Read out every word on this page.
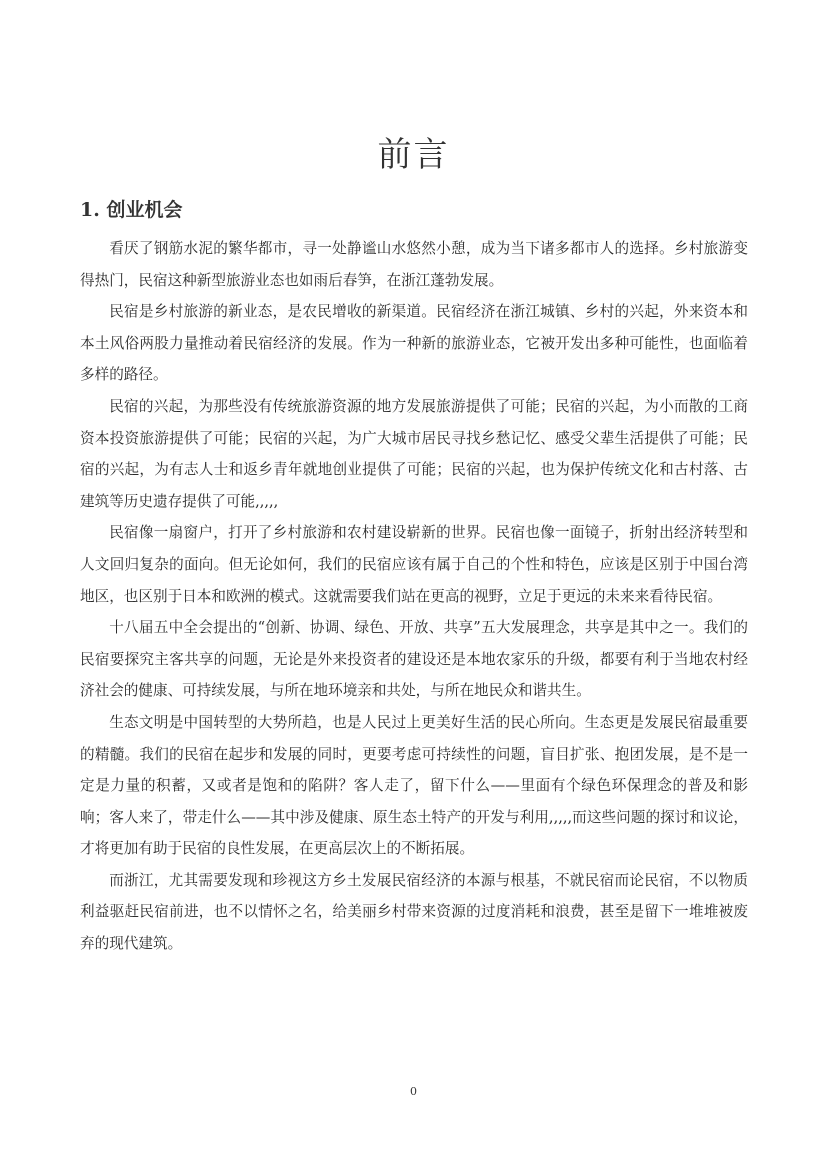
前言
1. 创业机会

看厌了钢筋水泥的繁华都市，寻一处静谧山水悠然小憩，成为当下诸多都市人的选择。乡村旅游变得热门，民宿这种新型旅游业态也如雨后春笋，在浙江蓬勃发展。

民宿是乡村旅游的新业态，是农民增收的新渠道。民宿经济在浙江城镇、乡村的兴起，外来资本和本土风俗两股力量推动着民宿经济的发展。作为一种新的旅游业态，它被开发出多种可能性，也面临着多样的路径。

民宿的兴起，为那些没有传统旅游资源的地方发展旅游提供了可能；民宿的兴起，为小而散的工商资本投资旅游提供了可能；民宿的兴起，为广大城市居民寻找乡愁记忆、感受父辈生活提供了可能；民宿的兴起，为有志人士和返乡青年就地创业提供了可能；民宿的兴起，也为保护传统文化和古村落、古建筑等历史遗存提供了可能,,,,,

民宿像一扇窗户，打开了乡村旅游和农村建设崭新的世界。民宿也像一面镜子，折射出经济转型和人文回归复杂的面向。但无论如何，我们的民宿应该有属于自己的个性和特色，应该是区别于中国台湾地区，也区别于日本和欧洲的模式。这就需要我们站在更高的视野，立足于更远的未来来看待民宿。

十八届五中全会提出的“创新、协调、绿色、开放、共享”五大发展理念，共享是其中之一。我们的民宿要探究主客共享的问题，无论是外来投资者的建设还是本地农家乐的升级，都要有利于当地农村经济社会的健康、可持续发展，与所在地环境亲和共处，与所在地民众和谐共生。

生态文明是中国转型的大势所趋，也是人民过上更美好生活的民心所向。生态更是发展民宿最重要的精髓。我们的民宿在起步和发展的同时，更要考虑可持续性的问题，盲目扩张、抱团发展，是不是一定是力量的积蓄，又或者是饱和的陷阱？客人走了，留下什么——里面有个绿色环保理念的普及和影响；客人来了，带走什么——其中涉及健康、原生态土特产的开发与利用,,,,,而这些问题的探讨和议论，才将更加有助于民宿的良性发展，在更高层次上的不断拓展。

而浙江，尤其需要发现和珍视这方乡土发展民宿经济的本源与根基，不就民宿而论民宿，不以物质利益驱赶民宿前进，也不以情怀之名，给美丽乡村带来资源的过度消耗和浪费，甚至是留下一堆堆被废弃的现代建筑。

0
